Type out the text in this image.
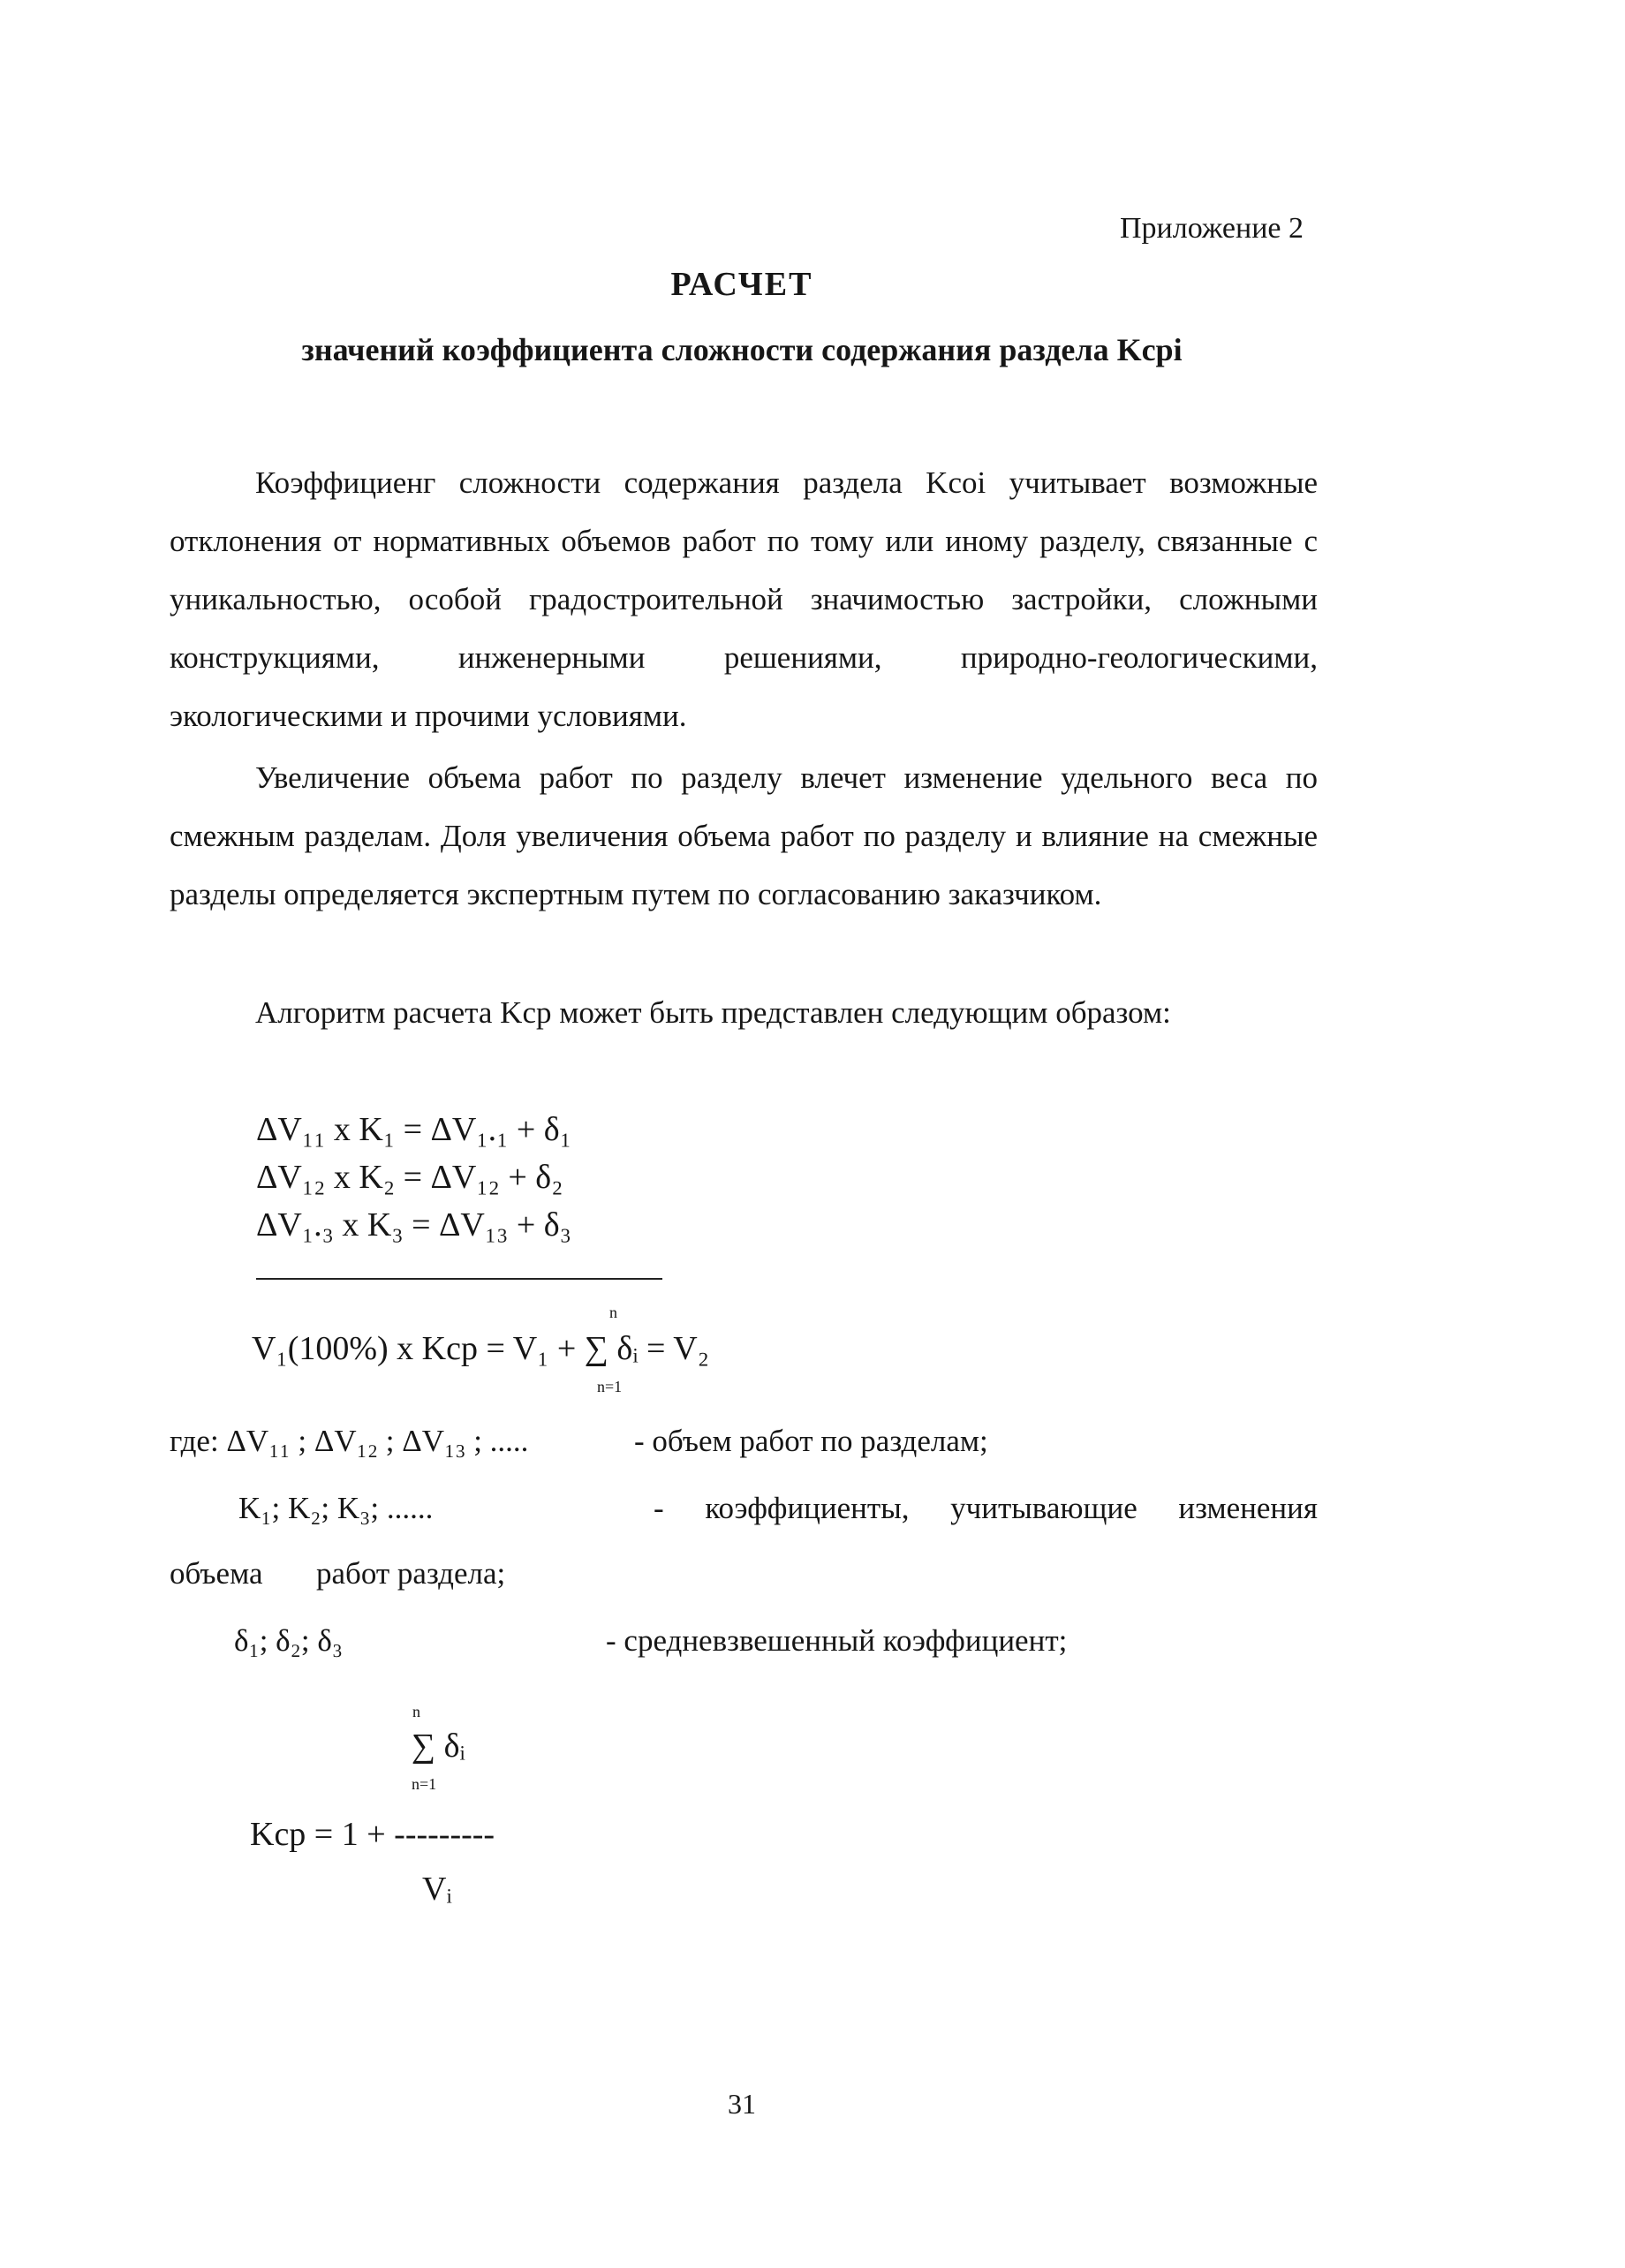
Приложение 2
РАСЧЕТ
значений коэффициента сложности содержания раздела Kcpi

Коэффициенг сложности содержания раздела Kcoi учитывает возможные отклонения от нормативных объемов работ по тому или иному разделу, связанные с уникальностью, особой градостроительной значимостью застройки, сложными конструкциями, инженерными решениями, природно-геологическими, экологическими и прочими условиями.

Увеличение объема работ по разделу влечет изменение удельного веса по смежным разделам. Доля увеличения объема работ по разделу и влияние на смежные разделы определяется экспертным путем по согласованию заказчиком.

Алгоритм расчета Kcp может быть представлен следующим образом:

ΔV₁₁ x K₁ = ΔV₁.₁ + δ₁
ΔV₁₂ x K₂ = ΔV₁₂ + δ₂
ΔV₁.₃ x K₃ = ΔV₁₃ + δ₃
n
V₁(100%) x Kcp = V₁ + ∑ δᵢ = V₂
n=1
где: ΔV₁₁ ; ΔV₁₂ ; ΔV₁₃ ; .....	- объем работ по разделам;
K₁; K₂; K₃; ......	- коэффициенты, учитывающие изменения
объема работ раздела;
δ₁; δ₂; δ₃	- средневзвешенный коэффициент;
n
∑ δᵢ
n=1
Kcp = 1 + ---------
Vᵢ
31
